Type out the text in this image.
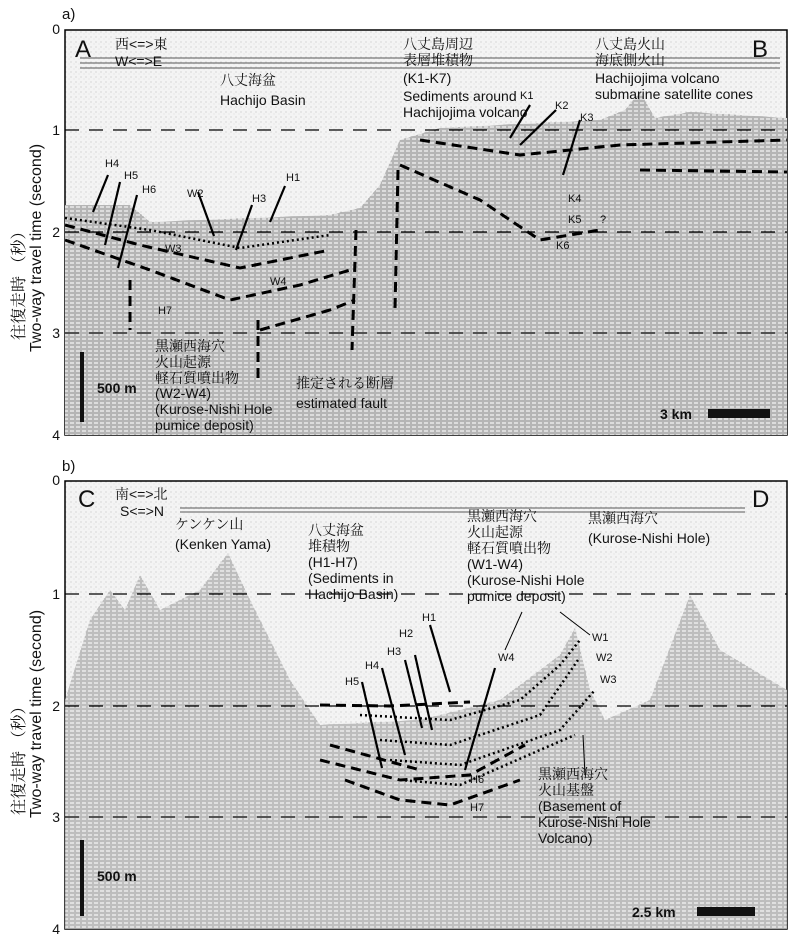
a)
0
1
2
3
4
往復走時 （秒） Two-way travel time (second)
A	B
西<=>東
W<=>E
八丈海盆
Hachijo Basin
八丈島周辺
表層堆積物
(K1-K7)
Sediments around
Hachijojima volcano
八丈島火山
海底側火山
Hachijojima volcano
submarine satellite cones
K1
K2
K3
K4
K5
K6
H4
H5
H6
H1
H3
H7
W2
W3
W4
?
黒瀬西海穴
火山起源
軽石質噴出物
(W2-W4)
(Kurose-Nishi Hole
pumice deposit)
推定される断層
estimated fault
500 m
3 km
b)
0
1
2
3
4
往復走時 （秒） Two-way travel time (second)
C	D
南<=>北
S<=>N
ケンケン山
(Kenken Yama)
八丈海盆
堆積物
(H1-H7)
(Sediments in
Hachijo Basin)
黒瀬西海穴
火山起源
軽石質噴出物
(W1-W4)
(Kurose-Nishi Hole
pumice deposit)
黒瀬西海穴
(Kurose-Nishi Hole)
H1
H2
H3
H4
H5
H6
H7
W1
W2
W3
W4
黒瀬西海穴
火山基盤
(Basement of
Kurose-Nishi Hole
Volcano)
500 m
2.5 km
